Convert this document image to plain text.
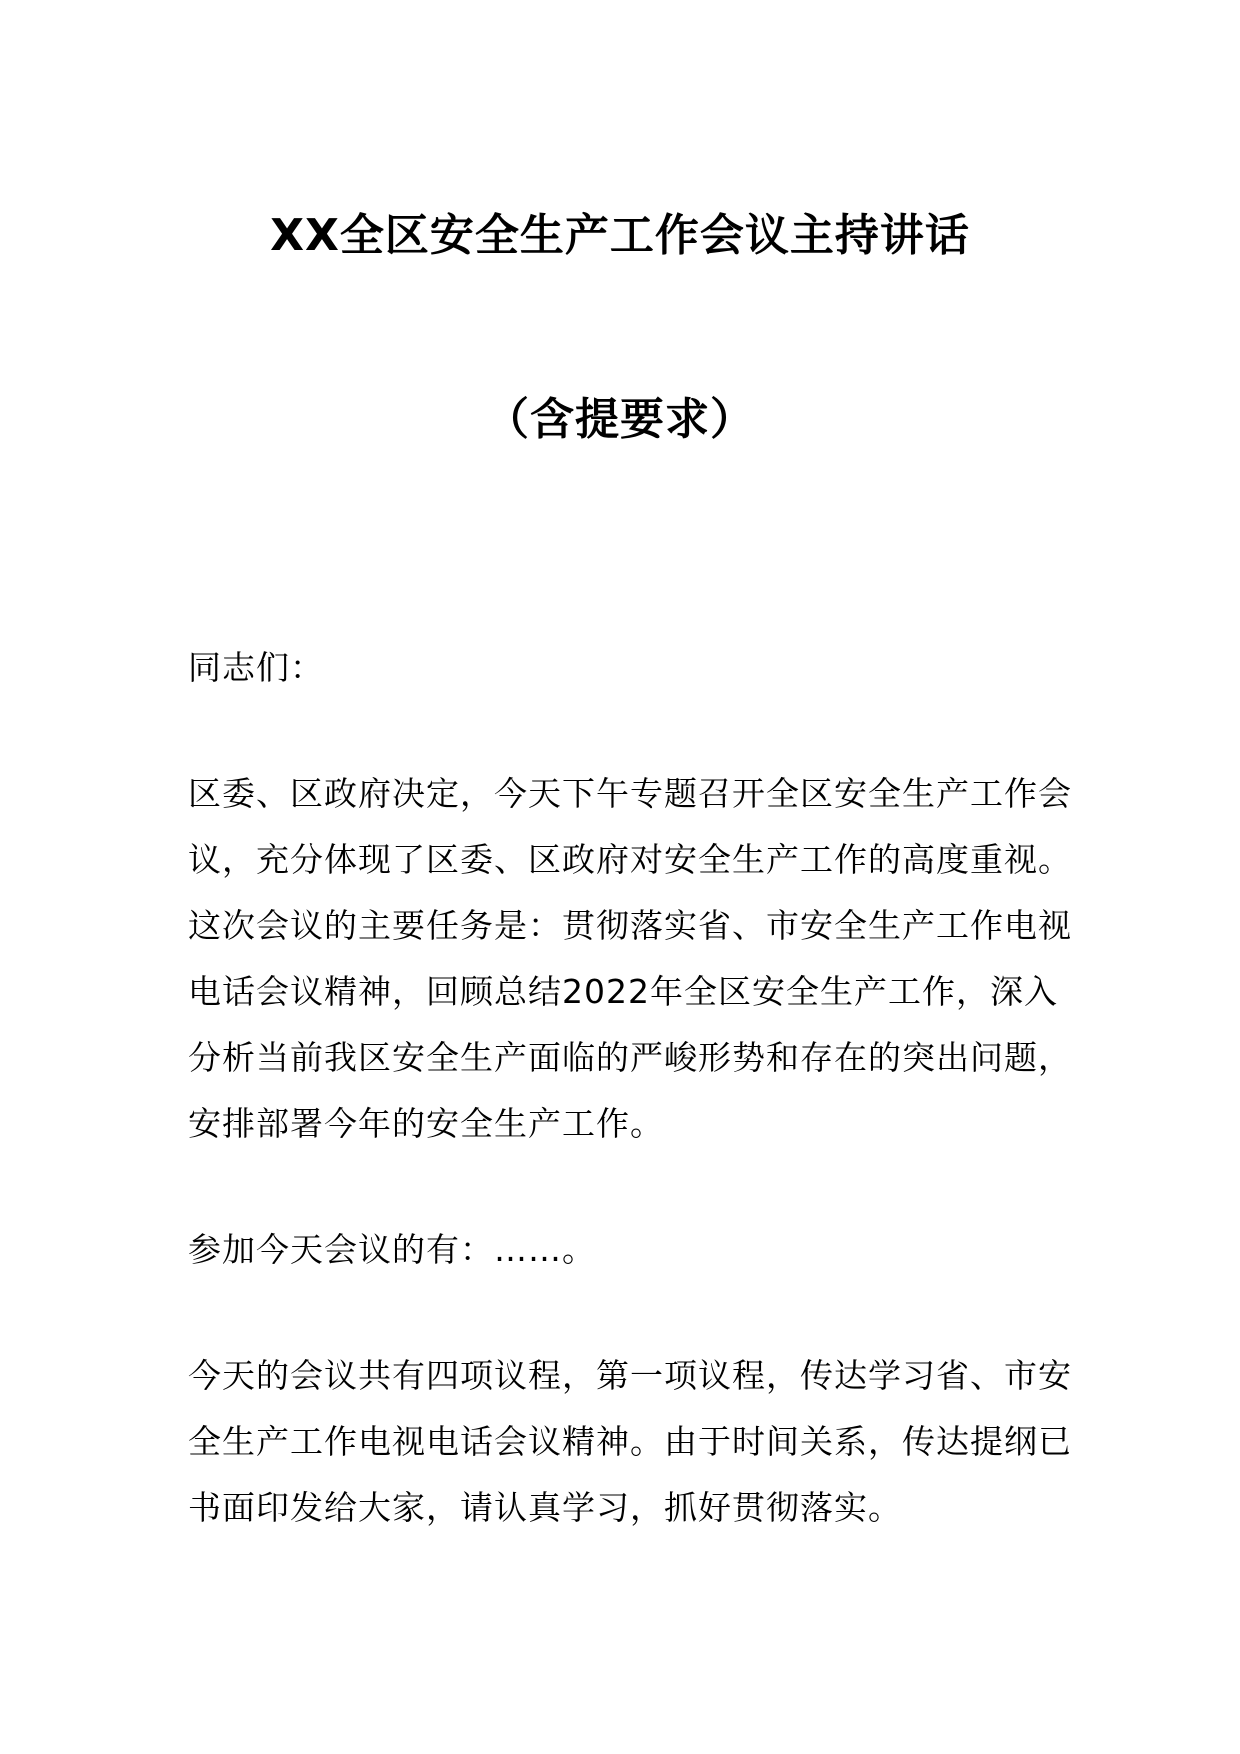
XX全区安全生产工作会议主持讲话
（含提要求）

同志们：

区委、区政府决定，今天下午专题召开全区安全生产工作会议，充分体现了区委、区政府对安全生产工作的高度重视。这次会议的主要任务是：贯彻落实省、市安全生产工作电视电话会议精神，回顾总结2022年全区安全生产工作，深入分析当前我区安全生产面临的严峻形势和存在的突出问题，安排部署今年的安全生产工作。

参加今天会议的有：……。

今天的会议共有四项议程，第一项议程，传达学习省、市安全生产工作电视电话会议精神。由于时间关系，传达提纲已书面印发给大家，请认真学习，抓好贯彻落实。
